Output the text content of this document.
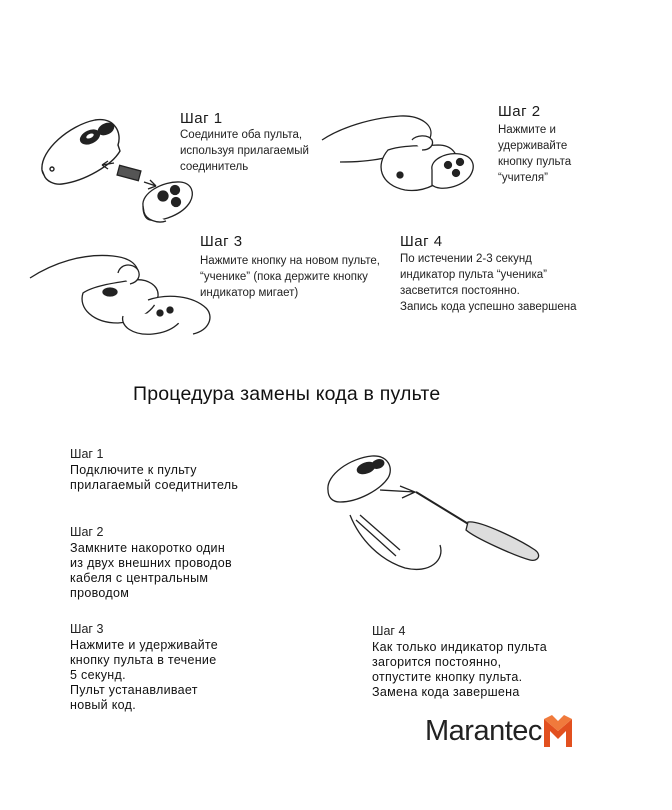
Шаг 1
Соедините оба пульта,
используя прилагаемый
соединитель
Шаг 2
Нажмите и
удерживайте
кнопку пульта
“учителя”
Шаг 3
Нажмите кнопку на новом пульте,
“ученике” (пока держите кнопку
индикатор мигает)
Шаг 4
По истечении 2-3 секунд
индикатор пульта “ученика”
засветится постоянно.
Запись кода успешно завершена
Процедура замены кода в пульте
Шаг 1
Подключите к пульту
прилагаемый соедитнитель
Шаг 2
Замкните накоротко один
из двух внешних проводов
кабеля с центральным
проводом
Шаг 3
Нажмите и удерживайте
кнопку пульта в течение
5 секунд.
Пульт устанавливает
новый код.
Шаг 4
Как только индикатор пульта
загорится постоянно,
отпустите кнопку пульта.
Замена кода завершена
Marantec
